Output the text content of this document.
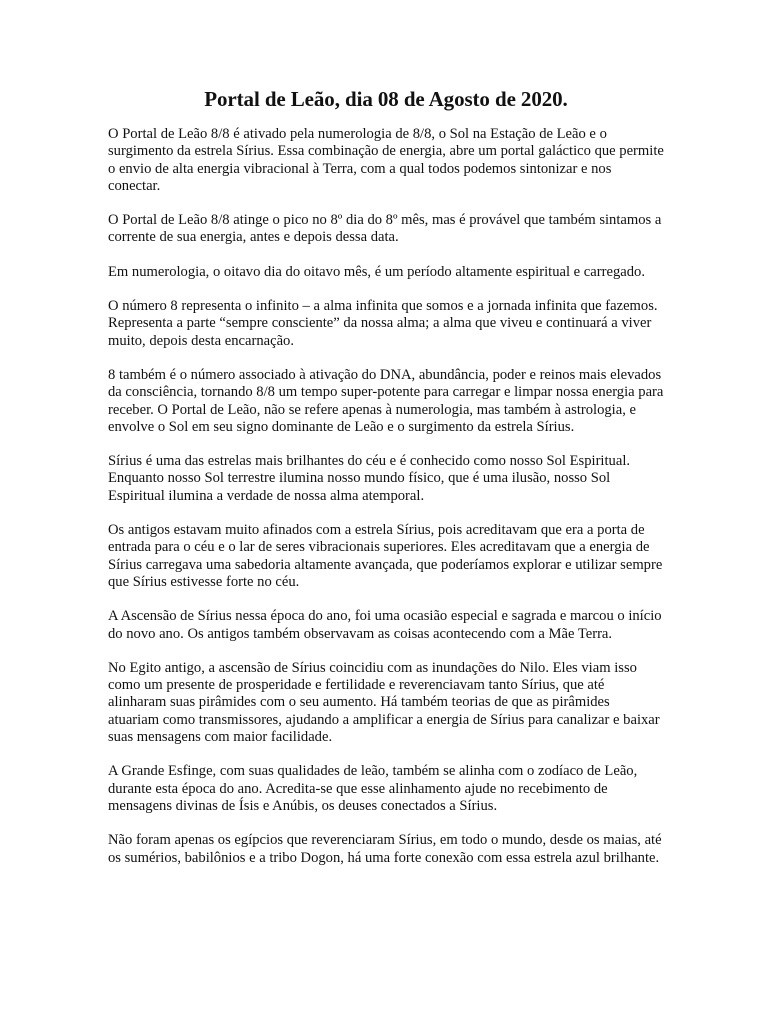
Portal de Leão, dia 08 de Agosto de 2020.

O Portal de Leão 8/8 é ativado pela numerologia de 8/8, o Sol na Estação de Leão e o surgimento da estrela Sírius. Essa combinação de energia, abre um portal galáctico que permite o envio de alta energia vibracional à Terra, com a qual todos podemos sintonizar e nos conectar.

O Portal de Leão 8/8 atinge o pico no 8º dia do 8º mês, mas é provável que também sintamos a corrente de sua energia, antes e depois dessa data.

Em numerologia, o oitavo dia do oitavo mês, é um período altamente espiritual e carregado.

O número 8 representa o infinito – a alma infinita que somos e a jornada infinita que fazemos. Representa a parte “sempre consciente” da nossa alma; a alma que viveu e continuará a viver muito, depois desta encarnação.

8 também é o número associado à ativação do DNA, abundância, poder e reinos mais elevados da consciência, tornando 8/8 um tempo super-potente para carregar e limpar nossa energia para receber. O Portal de Leão, não se refere apenas à numerologia, mas também à astrologia, e envolve o Sol em seu signo dominante de Leão e o surgimento da estrela Sírius.

Sírius é uma das estrelas mais brilhantes do céu e é conhecido como nosso Sol Espiritual. Enquanto nosso Sol terrestre ilumina nosso mundo físico, que é uma ilusão, nosso Sol Espiritual ilumina a verdade de nossa alma atemporal.

Os antigos estavam muito afinados com a estrela Sírius, pois acreditavam que era a porta de entrada para o céu e o lar de seres vibracionais superiores. Eles acreditavam que a energia de Sírius carregava uma sabedoria altamente avançada, que poderíamos explorar e utilizar sempre que Sírius estivesse forte no céu.

A Ascensão de Sírius nessa época do ano, foi uma ocasião especial e sagrada e marcou o início do novo ano. Os antigos também observavam as coisas acontecendo com a Mãe Terra.

No Egito antigo, a ascensão de Sírius coincidiu com as inundações do Nilo. Eles viam isso como um presente de prosperidade e fertilidade e reverenciavam tanto Sírius, que até alinharam suas pirâmides com o seu aumento. Há também teorias de que as pirâmides atuariam como transmissores, ajudando a amplificar a energia de Sírius para canalizar e baixar suas mensagens com maior facilidade.

A Grande Esfinge, com suas qualidades de leão, também se alinha com o zodíaco de Leão, durante esta época do ano. Acredita-se que esse alinhamento ajude no recebimento de mensagens divinas de Ísis e Anúbis, os deuses conectados a Sírius.

Não foram apenas os egípcios que reverenciaram Sírius, em todo o mundo, desde os maias, até os sumérios, babilônios e a tribo Dogon, há uma forte conexão com essa estrela azul brilhante.
